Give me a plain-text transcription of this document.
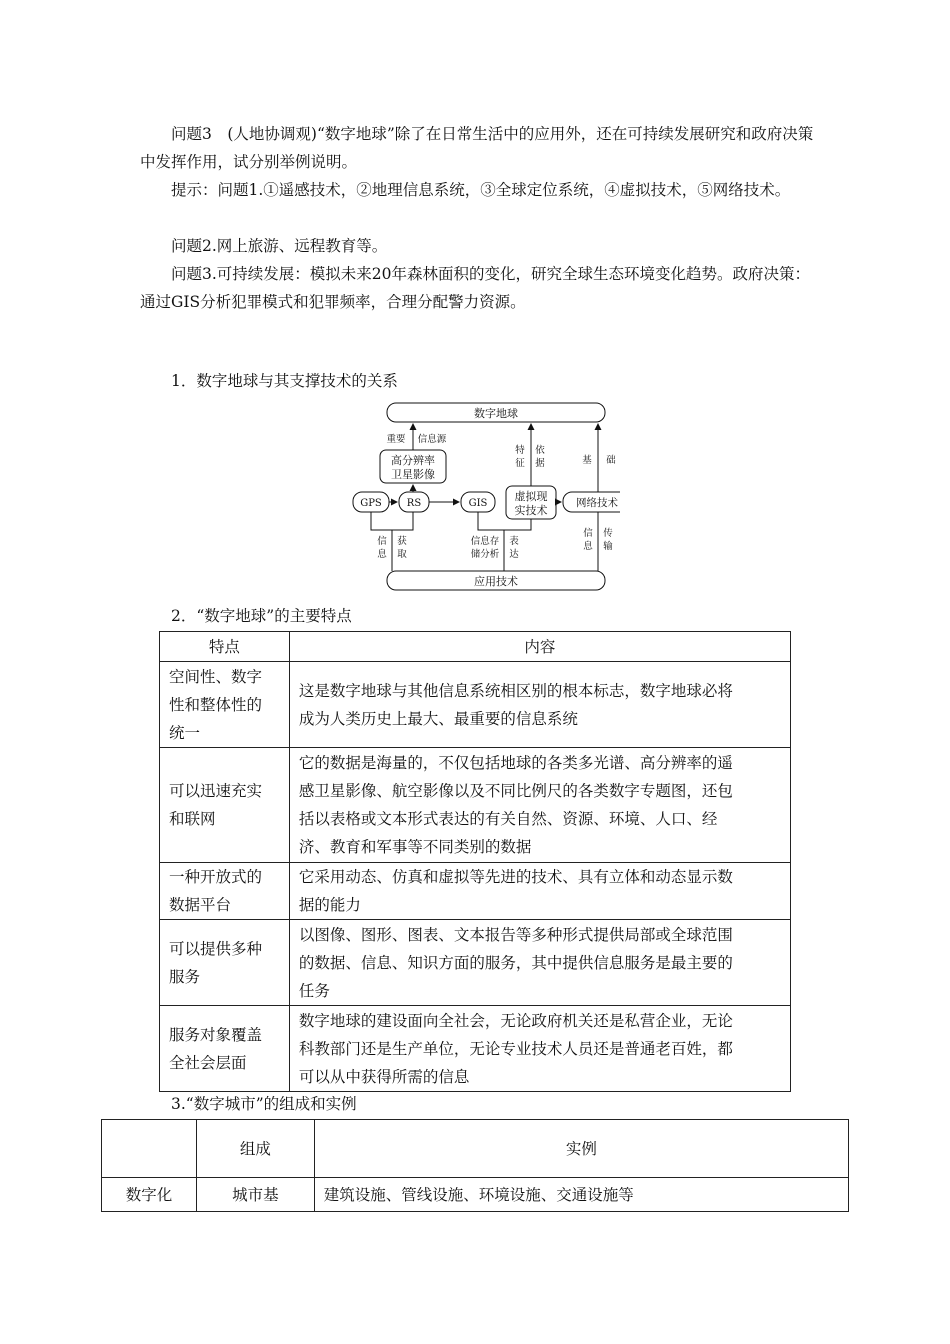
问题3　(人地协调观)“数字地球”除了在日常生活中的应用外，还在可持续发展研究和政府决策中发挥作用，试分别举例说明。

提示：问题1.①遥感技术，②地理信息系统，③全球定位系统，④虚拟技术，⑤网络技术。

问题2.网上旅游、远程教育等。

问题3.可持续发展：模拟未来20年森林面积的变化，研究全球生态环境变化趋势。政府决策：通过GIS分析犯罪模式和犯罪频率，合理分配警力资源。

1．数字地球与其支撑技术的关系
数字地球
应用技术
高分辨率
卫星影像
GPS	RS	GIS
虚拟现
实技术
网络技术
重要 信息源
特
征
依
据	基 础
信
息
获
取
信息存
储分析
表
达
信
息
传
输
2．“数字地球”的主要特点
特点	内容
空间性、数字
性和整体性的
统一	这是数字地球与其他信息系统相区别的根本标志，数字地球必将
成为人类历史上最大、最重要的信息系统
可以迅速充实
和联网	它的数据是海量的，不仅包括地球的各类多光谱、高分辨率的遥
感卫星影像、航空影像以及不同比例尺的各类数字专题图，还包
括以表格或文本形式表达的有关自然、资源、环境、人口、经
济、教育和军事等不同类别的数据
一种开放式的
数据平台	它采用动态、仿真和虚拟等先进的技术、具有立体和动态显示数
据的能力
可以提供多种
服务	以图像、图形、图表、文本报告等多种形式提供局部或全球范围
的数据、信息、知识方面的服务，其中提供信息服务是最主要的
任务
服务对象覆盖
全社会层面	数字地球的建设面向全社会，无论政府机关还是私营企业，无论
科教部门还是生产单位，无论专业技术人员还是普通老百姓，都
可以从中获得所需的信息
3.“数字城市”的组成和实例
	组成	实例
数字化	城市基	建筑设施、管线设施、环境设施、交通设施等
